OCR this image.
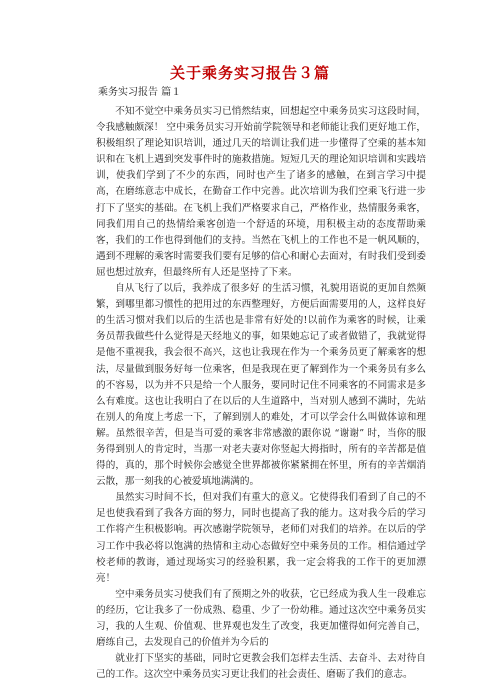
关于乘务实习报告３篇
乘务实习报告 篇１

不知不觉空中乘务员实习已悄然结束，回想起空中乘务员实习这段时间，令我感触颇深！ 空中乘务员实习开始前学院领导和老师能让我们更好地工作，积极组织了理论知识培训，通过几天的培训让我们进一步懂得了空乘的基本知识和在飞机上遇到突发事件时的施救措施。短短几天的理论知识培训和实践培训，使我们学到了不少的东西，同时也产生了诸多的感触，在到言学习中提高，在磨练意志中成长，在勤奋工作中完善。此次培训为我们空乘飞行进一步打下了坚实的基础。在飞机上我们严格要求自己，严格作业，热情服务乘客，同我们用自己的热情给乘客创造一个舒适的环境，用积极主动的态度帮助乘客，我们的工作也得到他们的支持。当然在飞机上的工作也不是一帆风顺的，遇到不理解的乘客时需要我们要有足够的信心和耐心去面对，有时我们受到委屈也想过放弃，但最终所有人还是坚持了下来。

自从飞行了以后，我养成了很多好 的生活习惯，礼貌用语说的更加自然频繁，到哪里都习惯性的把用过的东西整理好，方便后面需要用的人，这样良好的生活习惯对我们以后的生活也是非常有好处的!以前作为乘客的时候，让乘务员帮我做些什么觉得是天经地义的事，如果她忘记了或者做错了，我就觉得是他不重视我，我会很不高兴，这也让我现在作为一个乘务员更了解乘客的想法，尽量做到服务好每一位乘客，但是我现在更了解到作为一个乘务员有多么 的不容易，以为并不只是给一个人服务，要同时记住不同乘客的不同需求是多么有难度。这也让我明白了在以后的人生道路中，当对别人感到不满时，先站在别人的角度上考虑一下，了解到别人的难处，才可以学会什么叫做体谅和理解。虽然很辛苦，但是当可爱的乘客非常感激的跟你说 “谢谢” 时，当你的服务得到别人的肯定时，当那一对老夫妻对你竖起大拇指时，所有的辛苦都是值得的，真的，那个时候你会感觉全世界都被你紧紧拥在怀里，所有的辛苦烟消云散，那一刻我的心被爱填地满满的。

虽然实习时间不长，但对我们有重大的意义。它使得我们看到了自己的不足也使我看到了我各方面的努力，同时也提高了我的能力。这对我今后的学习工作将产生积极影响。再次感谢学院领导，老师们对我们的培养。在以后的学习工作中我必将以饱满的热情和主动心态做好空中乘务员的工作。相信通过学校老师的教诲，通过现场实习的经验积累，我一定会将我的工作干的更加漂亮！

空中乘务员实习使我们有了预期之外的收获，它已经成为我人生一段难忘的经历，它让我多了一份成熟、稳重、少了一份幼稚。通过这次空中乘务员实习，我的人生观、价值观、世界观也发生了改变，我更加懂得如何完善自己，磨练自己，去发现自己的价值并为今后的

就业打下坚实的基础，同时它更教会我们怎样去生活、去奋斗、去对待自己的工作。这次空中乘务员实习更让我们的社会责任、磨砺了我们的意志。
